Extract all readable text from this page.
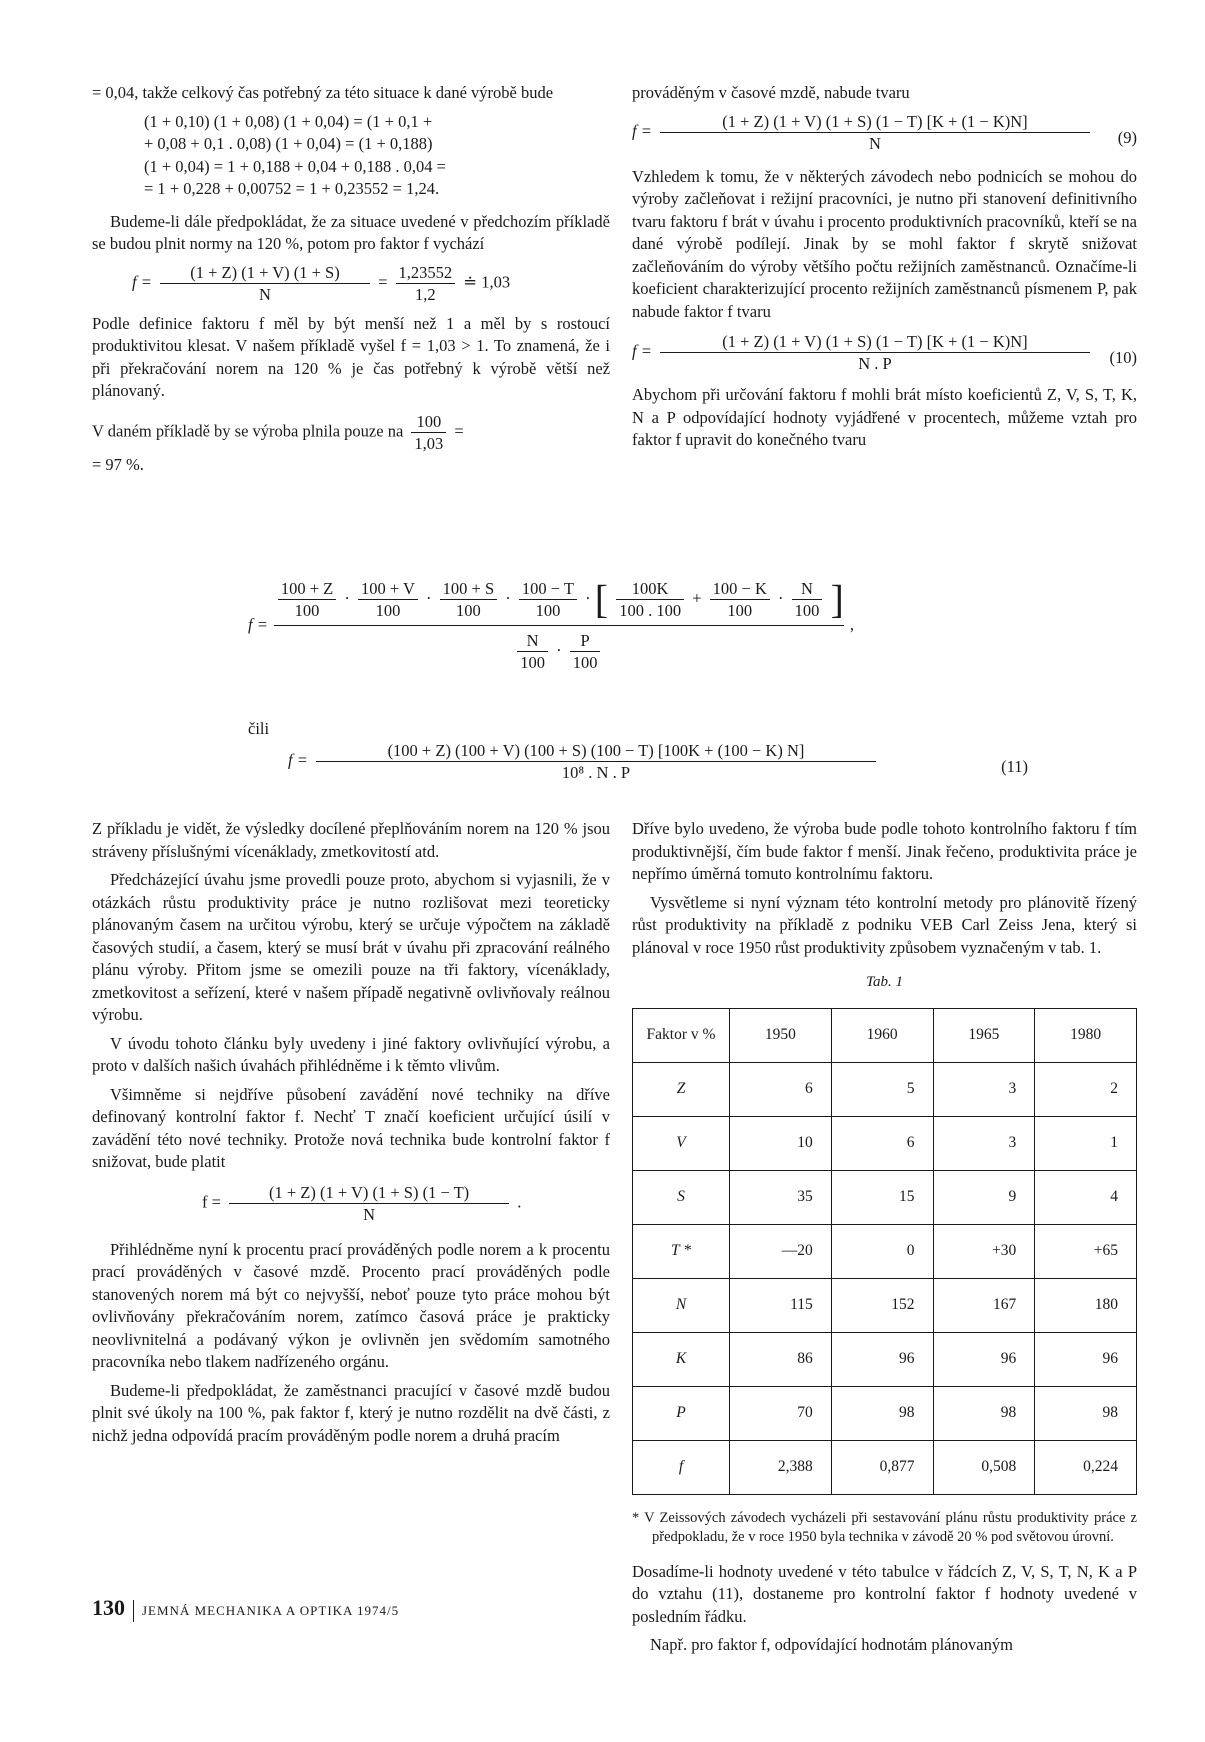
= 0,04, takže celkový čas potřebný za této situace k dané výrobě bude

(1 + 0,10) (1 + 0,08) (1 + 0,04) = (1 + 0,1 +
+ 0,08 + 0,1 . 0,08) (1 + 0,04) = (1 + 0,188)
(1 + 0,04) = 1 + 0,188 + 0,04 + 0,188 . 0,04 =
= 1 + 0,228 + 0,00752 = 1 + 0,23552 = 1,24.

Budeme-li dále předpokládat, že za situace uvedené v předchozím příkladě se budou plnit normy na 120 %, potom pro faktor f vychází

$f = \frac{(1 + Z) (1 + V) (1 + S)}{N} = \frac{1,23552}{1,2}$ ≐ 1,03

Podle definice faktoru f měl by být menší než 1 a měl by s rostoucí produktivitou klesat. V našem příkladě vyšel f = 1,03 > 1. To znamená, že i při překračování norem na 120 % je čas potřebný k výrobě větší než plánovaný.

V daném příkladě by se výroba plnila pouze na $\frac{100}{1,03}$ =
= 97 %.

prováděným v časové mzdě, nabude tvaru

$f = \frac{(1 + Z) (1 + V) (1 + S) (1 - T) [K + (1 - K)N]}{N} (9)$

Vzhledem k tomu, že v některých závodech nebo podnicích se mohou do výroby začleňovat i režijní pracovníci, je nutno při stanovení definitivního tvaru faktoru f brát v úvahu i procento produktivních pracovníků, kteří se na dané výrobě podílejí. Jinak by se mohl faktor f skrytě snižovat začleňováním do výroby většího počtu režijních zaměstnanců. Označíme-li koeficient charakterizující procento režijních zaměstnanců písmenem P, pak nabude faktor f tvaru

$f = \frac{(1 + Z) (1 + V) (1 + S) (1 - T) [K + (1 - K)N]}{N . P} (10)$

Abychom při určování faktoru f mohli brát místo koeficientů Z, V, S, T, K, N a P odpovídající hodnoty vyjádřené v procentech, můžeme vztah pro faktor f upravit do konečného tvaru

f =
$\frac{100 + Z}{100} \cdot \frac{100 + V}{100} \cdot \frac{100 + S}{100} \cdot \frac{100 - T}{100}$ · [ $\frac{100K}{100 . 100} + \frac{100 - K}{100} \cdot \frac{N}{100}$ ]
$\frac{N}{100} \cdot \frac{P}{100}$
,
čili
$f = \frac{(100 + Z) (100 + V) (100 + S) (100 - T) [100K + (100 - K) N]}{\text{10⁸ . N . P}}$	(11)

Z příkladu je vidět, že výsledky docílené přeplňováním norem na 120 % jsou stráveny příslušnými vícenáklady, zmetkovitostí atd.

Předcházející úvahu jsme provedli pouze proto, abychom si vyjasnili, že v otázkách růstu produktivity práce je nutno rozlišovat mezi teoreticky plánovaným časem na určitou výrobu, který se určuje výpočtem na základě časových studií, a časem, který se musí brát v úvahu při zpracování reálného plánu výroby. Přitom jsme se omezili pouze na tři faktory, vícenáklady, zmetkovitost a seřízení, které v našem případě negativně ovlivňovaly reálnou výrobu.

V úvodu tohoto článku byly uvedeny i jiné faktory ovlivňující výrobu, a proto v dalších našich úvahách přihlédněme i k těmto vlivům.

Všimněme si nejdříve působení zavádění nové techniky na dříve definovaný kontrolní faktor f. Nechť T značí koeficient určující úsilí v zavádění této nové techniky. Protože nová technika bude kontrolní faktor f snižovat, bude platit

$f = \frac{(1 + Z) (1 + V) (1 + S) (1 - T)}{N}$ .

Přihlédněme nyní k procentu prací prováděných podle norem a k procentu prací prováděných v časové mzdě. Procento prací prováděných podle stanovených norem má být co nejvyšší, neboť pouze tyto práce mohou být ovlivňovány překračováním norem, zatímco časová práce je prakticky neovlivnitelná a podávaný výkon je ovlivněn jen svědomím samotného pracovníka nebo tlakem nadřízeného orgánu.

Budeme-li předpokládat, že zaměstnanci pracující v časové mzdě budou plnit své úkoly na 100 %, pak faktor f, který je nutno rozdělit na dvě části, z nichž jedna odpovídá pracím prováděným podle norem a druhá pracím

Dříve bylo uvedeno, že výroba bude podle tohoto kontrolního faktoru f tím produktivnější, čím bude faktor f menší. Jinak řečeno, produktivita práce je nepřímo úměrná tomuto kontrolnímu faktoru.

Vysvětleme si nyní význam této kontrolní metody pro plánovitě řízený růst produktivity na příkladě z podniku VEB Carl Zeiss Jena, který si plánoval v roce 1950 růst produktivity způsobem vyznačeným v tab. 1.

Tab. 1
Faktor v %	1950	1960	1965	1980
Z	6	5	3	2
V	10	6	3	1
S	35	15	9	4
T *	—20	0	+30	+65
N	115	152	167	180
K	86	96	96	96
P	70	98	98	98
f	2,388	0,877	0,508	0,224
* V Zeissových závodech vycházeli při sestavování plánu růstu produktivity práce z předpokladu, že v roce 1950 byla technika v závodě 20 % pod světovou úrovní.

Dosadíme-li hodnoty uvedené v této tabulce v řádcích Z, V, S, T, N, K a P do vztahu (11), dostaneme pro kontrolní faktor f hodnoty uvedené v posledním řádku.

Např. pro faktor f, odpovídající hodnotám plánovaným

130 JEMNÁ MECHANIKA A OPTIKA 1974/5
